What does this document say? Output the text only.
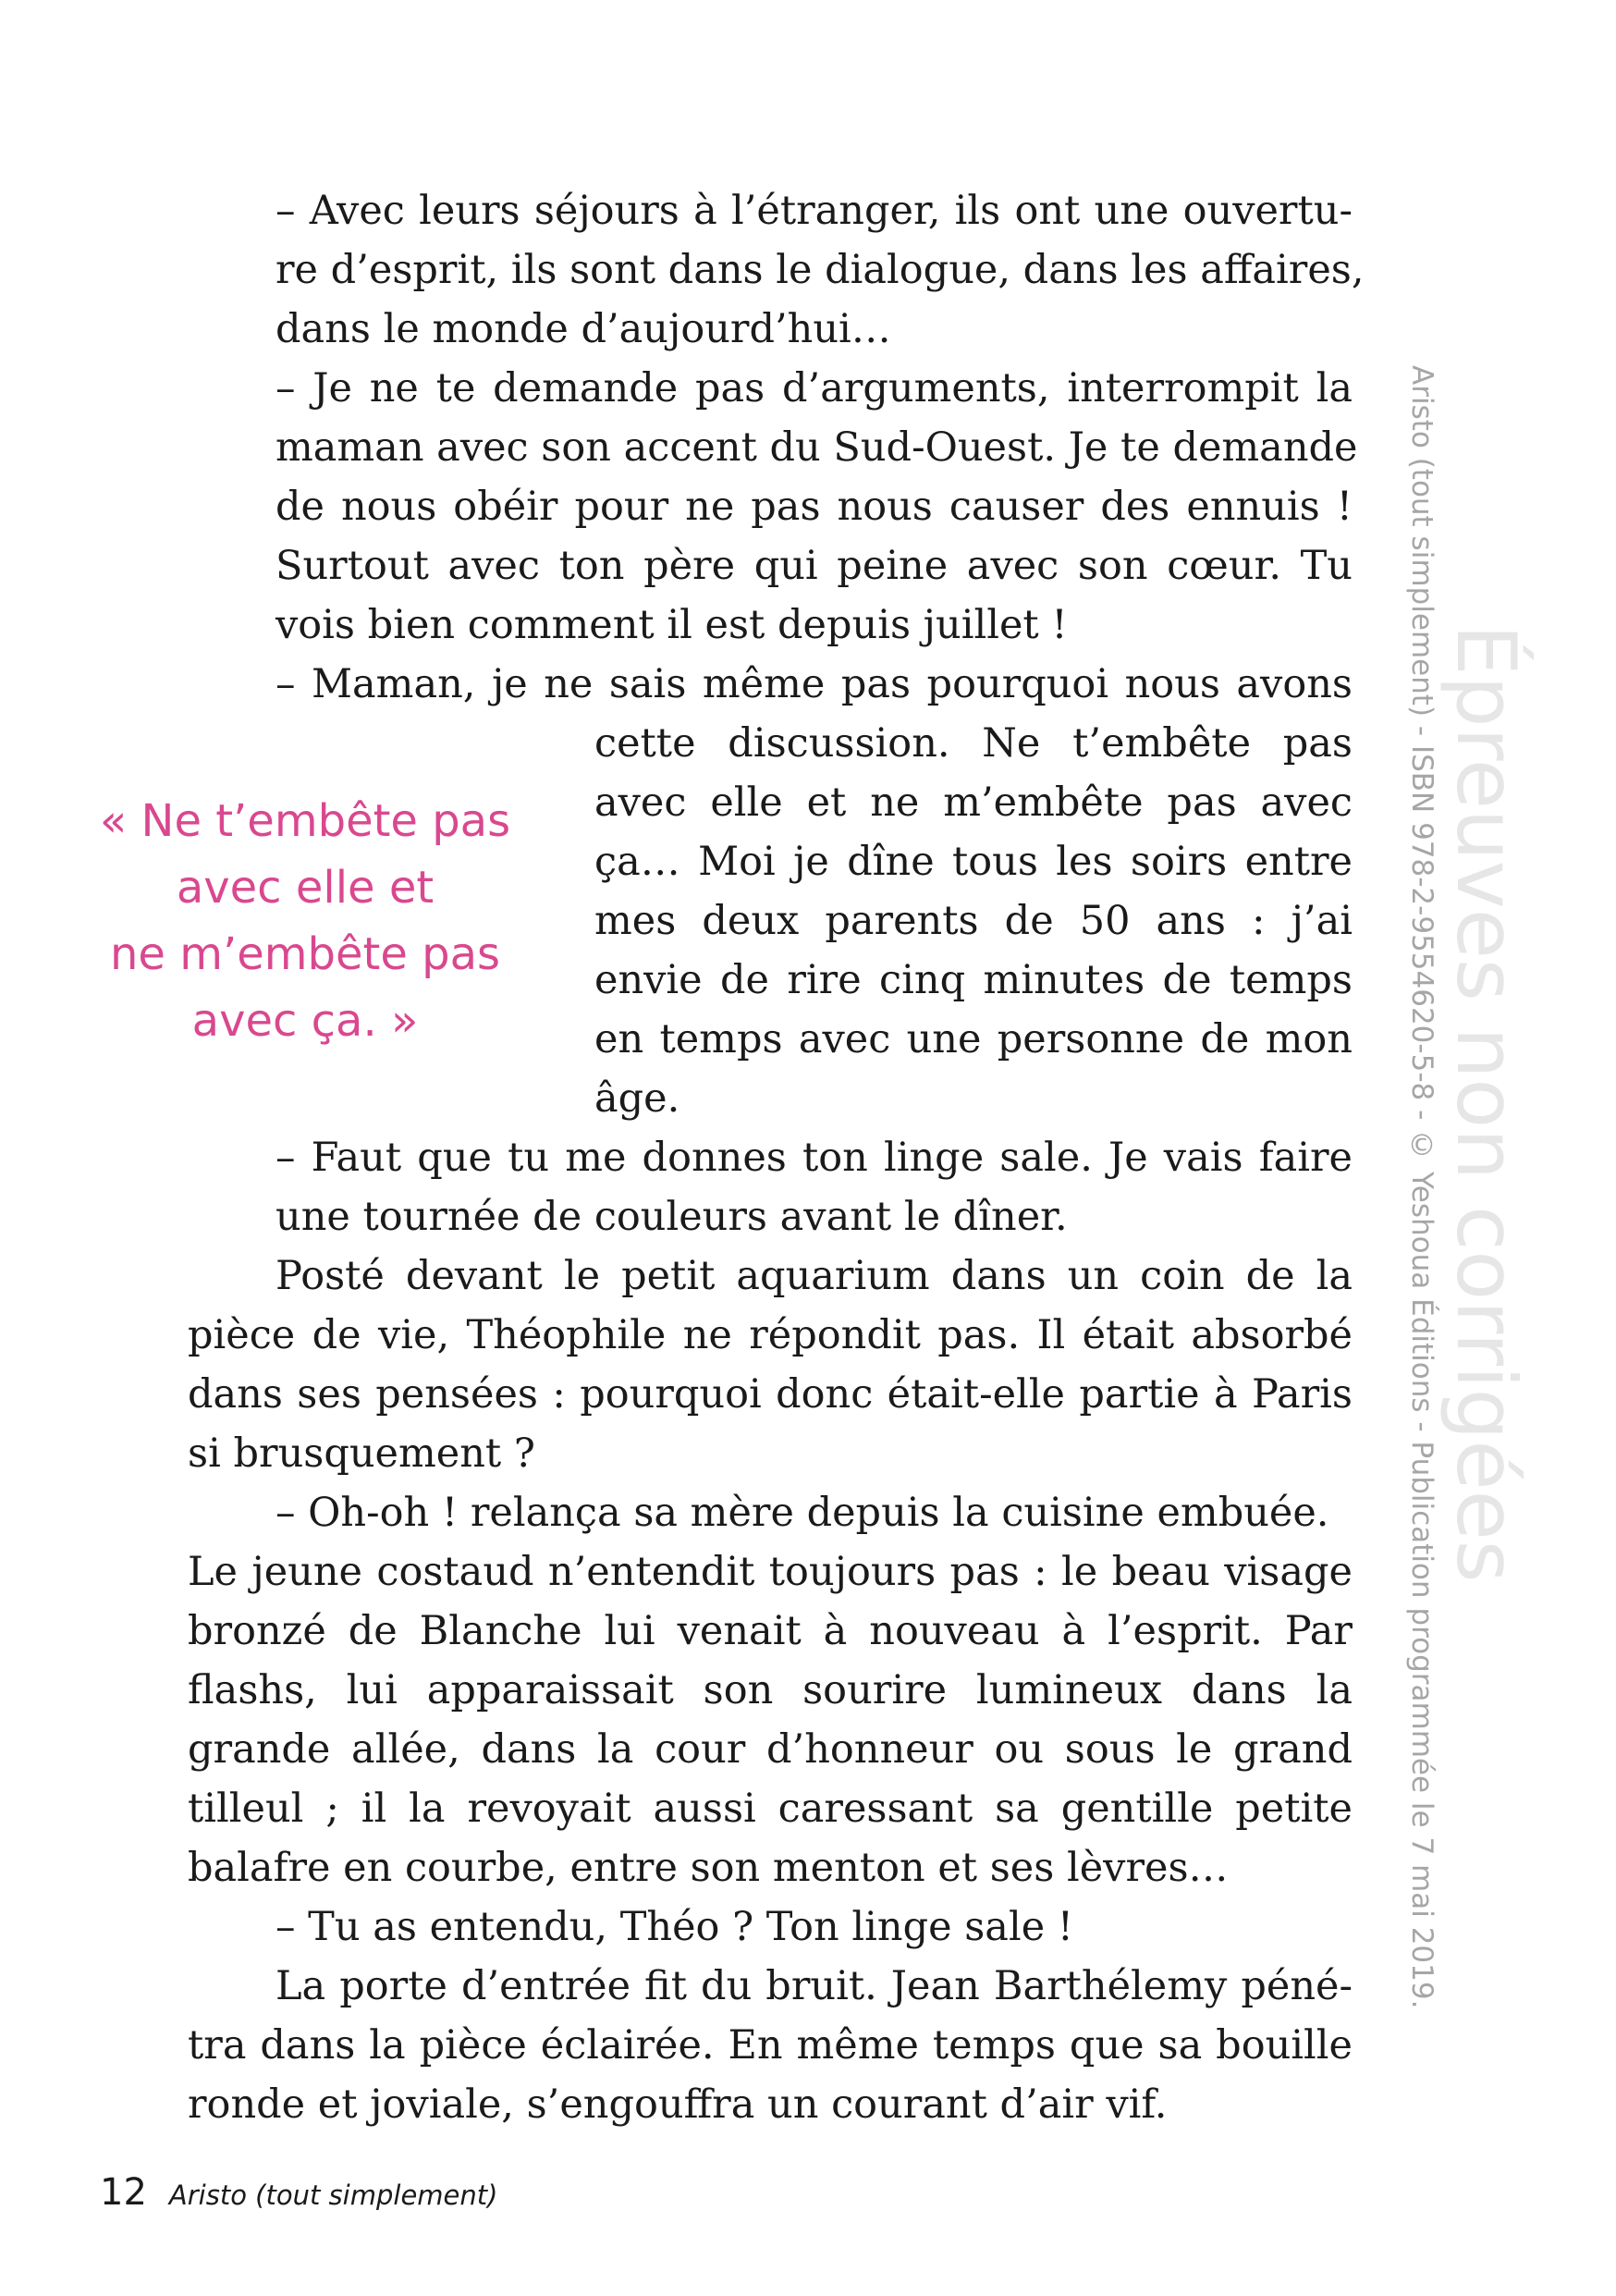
– Avec leurs séjours à l’étranger, ils ont une ouvertu-
re d’esprit, ils sont dans le dialogue, dans les affaires,
dans le monde d’aujourd’hui…
– Je ne te demande pas d’arguments, interrompit la
maman avec son accent du Sud-Ouest. Je te demande
de nous obéir pour ne pas nous causer des ennuis !
Surtout avec ton père qui peine avec son cœur. Tu
vois bien comment il est depuis juillet !
– Maman, je ne sais même pas pourquoi nous avons
cette discussion. Ne t’embête pas
avec elle et ne m’embête pas avec
ça… Moi je dîne tous les soirs entre
mes deux parents de 50 ans : j’ai
envie de rire cinq minutes de temps
en temps avec une personne de mon
âge.
– Faut que tu me donnes ton linge sale. Je vais faire
une tournée de couleurs avant le dîner.
Posté devant le petit aquarium dans un coin de la
pièce de vie, Théophile ne répondit pas. Il était absorbé
dans ses pensées : pourquoi donc était-elle partie à Paris
si brusquement ?
– Oh-oh ! relança sa mère depuis la cuisine embuée.
Le jeune costaud n’entendit toujours pas : le beau visage
bronzé de Blanche lui venait à nouveau à l’esprit. Par
flashs, lui apparaissait son sourire lumineux dans la
grande allée, dans la cour d’honneur ou sous le grand
tilleul ; il la revoyait aussi caressant sa gentille petite
balafre en courbe, entre son menton et ses lèvres…
– Tu as entendu, Théo ? Ton linge sale !
La porte d’entrée fit du bruit. Jean Barthélemy péné-
tra dans la pièce éclairée. En même temps que sa bouille
ronde et joviale, s’engouffra un courant d’air vif.
« Ne t’embête pas
avec elle et
ne m’embête pas
avec ça. »	Aristo (tout simplement) - ISBN 978-2-9554620-5-8 - © Yeshoua Éditions - Publication programmée le 7 mai 2019. Épreuves non corrigées
12 Aristo (tout simplement)
